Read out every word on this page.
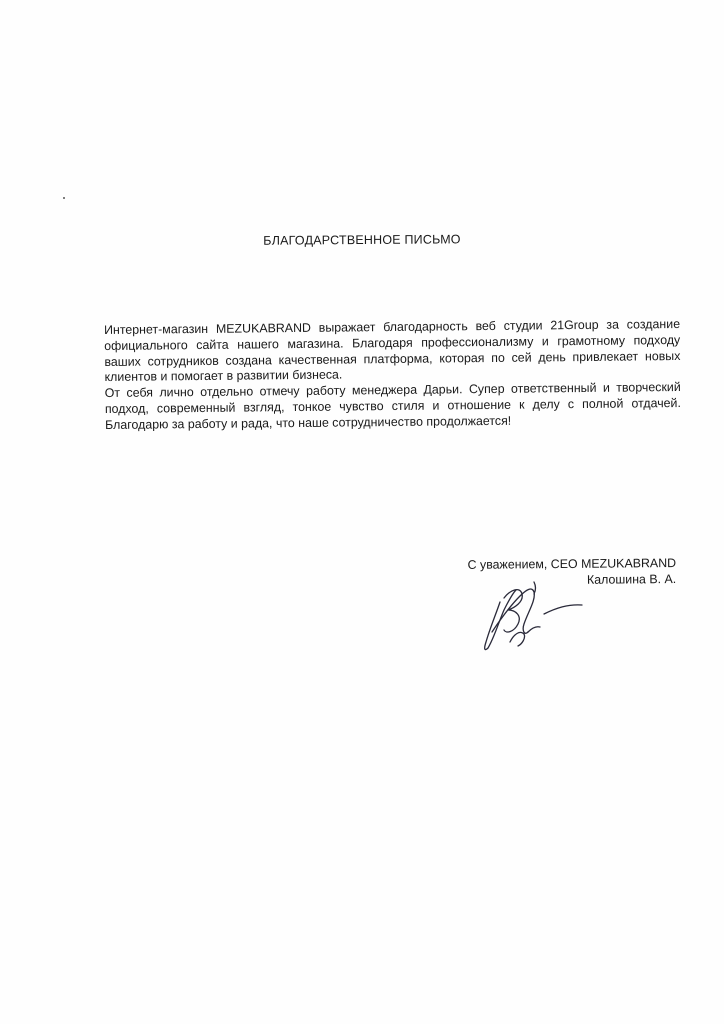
БЛАГОДАРСТВЕННОЕ ПИСЬМО
Интернет-магазин MEZUKABRAND выражает благодарность веб студии 21Group за создание
официального сайта нашего магазина. Благодаря профессионализму и грамотному подходу
ваших сотрудников создана качественная платформа, которая по сей день привлекает новых
клиентов и помогает в развитии бизнеса.
От себя лично отдельно отмечу работу менеджера Дарьи. Супер ответственный и творческий
подход, современный взгляд, тонкое чувство стиля и отношение к делу с полной отдачей.
Благодарю за работу и рада, что наше сотрудничество продолжается!
С уважением, CEO MEZUKABRAND
Калошина В. А.
